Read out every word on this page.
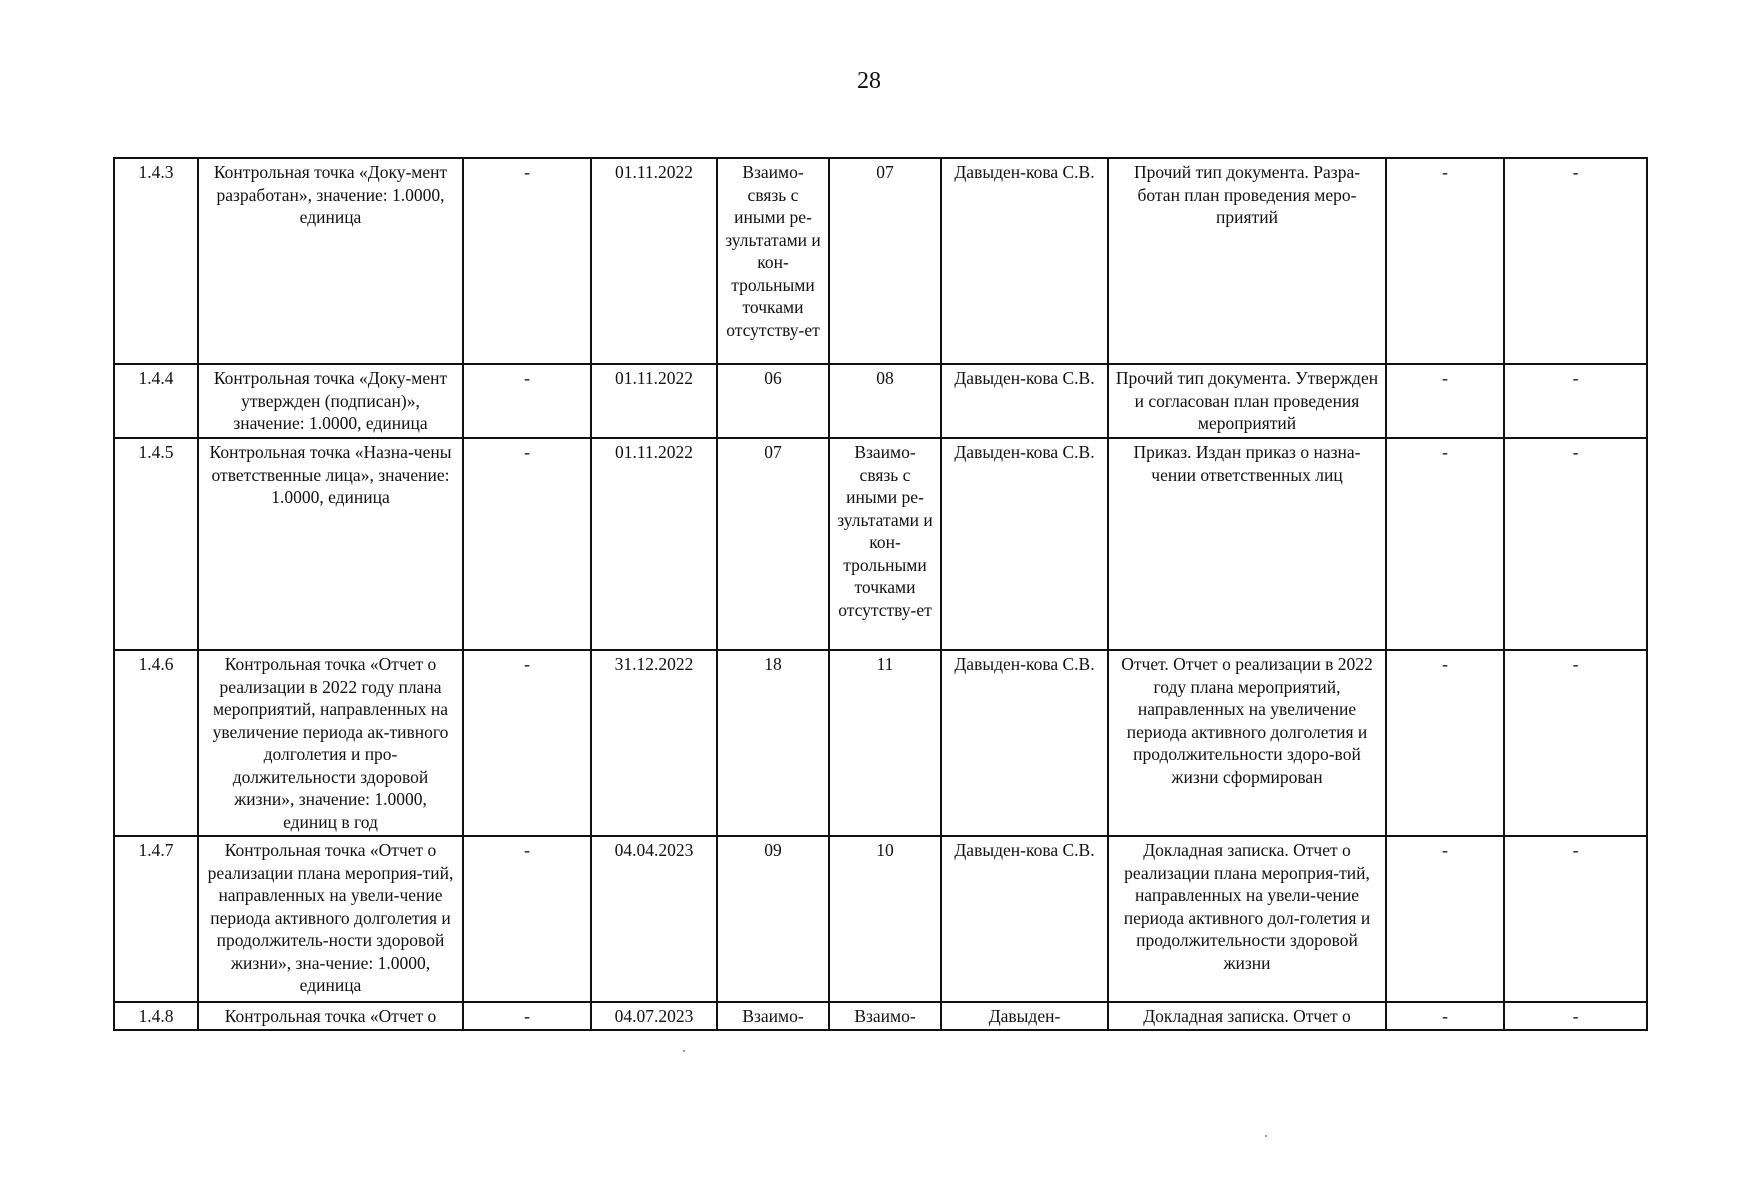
28
1.4.3	Контрольная точка «Доку-мент разработан», значение: 1.0000, единица	-	01.11.2022	Взаимо-связь с иными ре-зультатами и кон-трольными точками отсутству-ет	07	Давыден-кова С.В.	Прочий тип документа. Разра-ботан план проведения меро-приятий	-	-
1.4.4	Контрольная точка «Доку-мент утвержден (подписан)», значение: 1.0000, единица	-	01.11.2022	06	08	Давыден-кова С.В.	Прочий тип документа. Утвержден и согласован план проведения мероприятий	-	-
1.4.5	Контрольная точка «Назна-чены ответственные лица», значение: 1.0000, единица	-	01.11.2022	07	Взаимо-связь с иными ре-зультатами и кон-трольными точками отсутству-ет	Давыден-кова С.В.	Приказ. Издан приказ о назна-чении ответственных лиц	-	-
1.4.6	Контрольная точка «Отчет о реализации в 2022 году плана мероприятий, направленных на увеличение периода ак-тивного долголетия и про-должительности здоровой жизни», значение: 1.0000, единиц в год	-	31.12.2022	18	11	Давыден-кова С.В.	Отчет. Отчет о реализации в 2022 году плана мероприятий, направленных на увеличение периода активного долголетия и продолжительности здоро-вой жизни сформирован	-	-
1.4.7	Контрольная точка «Отчет о реализации плана мероприя-тий, направленных на увели-чение периода активного долголетия и продолжитель-ности здоровой жизни», зна-чение: 1.0000, единица	-	04.04.2023	09	10	Давыден-кова С.В.	Докладная записка. Отчет о реализации плана мероприя-тий, направленных на увели-чение периода активного дол-голетия и продолжительности здоровой жизни	-	-
1.4.8	Контрольная точка «Отчет о	-	04.07.2023	Взаимо-	Взаимо-	Давыден-	Докладная записка. Отчет о	-	-
